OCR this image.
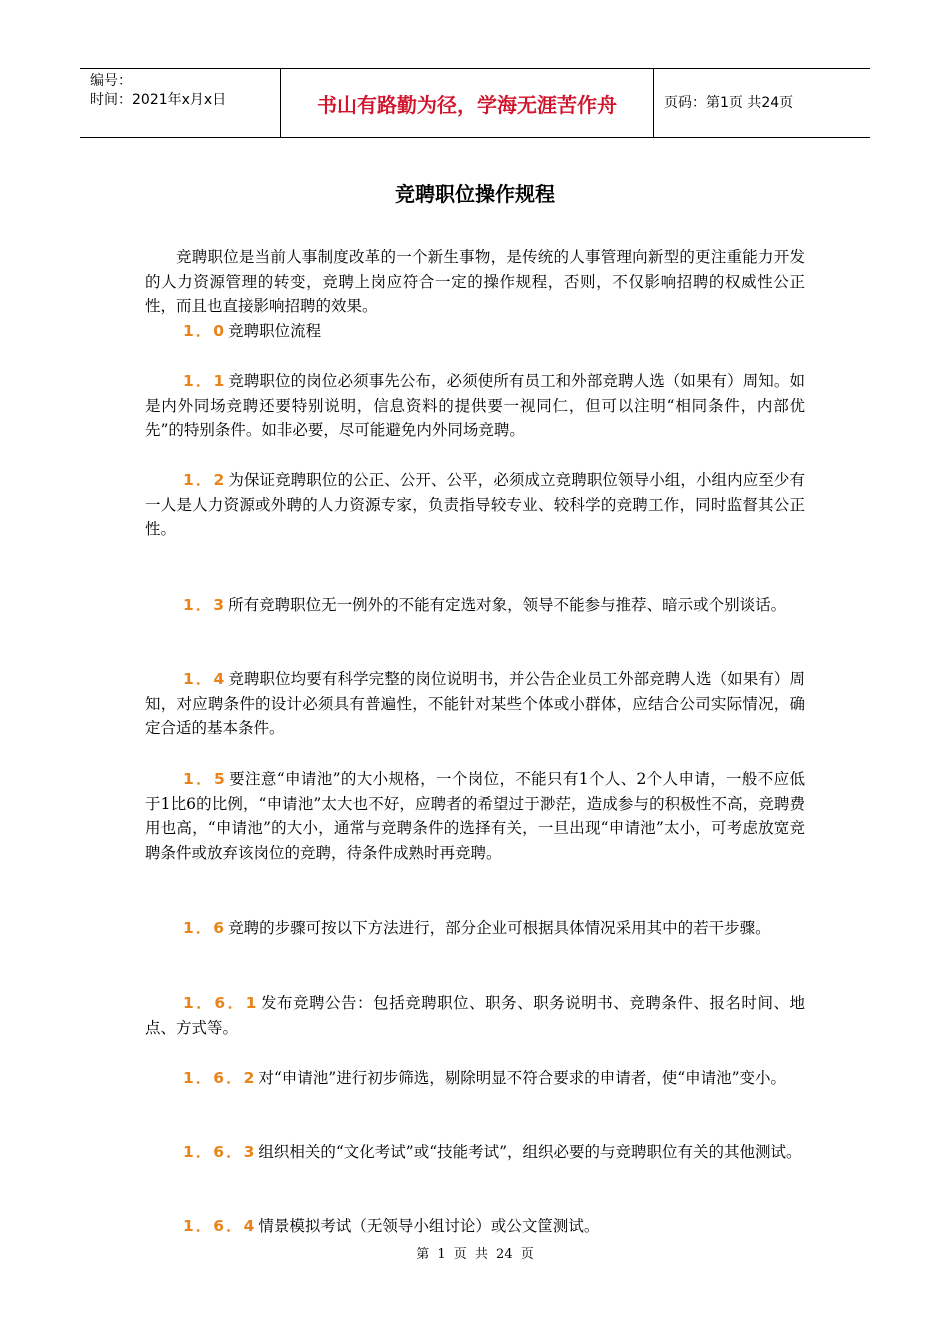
编号：
时间：2021年x月x日	书山有路勤为径，学海无涯苦作舟	页码：第1页 共24页
竞聘职位操作规程

竞聘职位是当前人事制度改革的一个新生事物，是传统的人事管理向新型的更注重能力开发的人力资源管理的转变，竞聘上岗应符合一定的操作规程，否则，不仅影响招聘的权威性公正性，而且也直接影响招聘的效果。

1．0 竞聘职位流程

1．1 竞聘职位的岗位必须事先公布，必须使所有员工和外部竞聘人选（如果有）周知。如是内外同场竞聘还要特别说明，信息资料的提供要一视同仁，但可以注明“相同条件，内部优先”的特别条件。如非必要，尽可能避免内外同场竞聘。

1．2 为保证竞聘职位的公正、公开、公平，必须成立竞聘职位领导小组，小组内应至少有一人是人力资源或外聘的人力资源专家，负责指导较专业、较科学的竞聘工作，同时监督其公正性。

1．3 所有竞聘职位无一例外的不能有定选对象，领导不能参与推荐、暗示或个别谈话。

1．4 竞聘职位均要有科学完整的岗位说明书，并公告企业员工外部竞聘人选（如果有）周知，对应聘条件的设计必须具有普遍性，不能针对某些个体或小群体，应结合公司实际情况，确定合适的基本条件。

1．5 要注意“申请池”的大小规格，一个岗位，不能只有1个人、2个人申请，一般不应低于1比6的比例，“申请池”太大也不好，应聘者的希望过于渺茫，造成参与的积极性不高，竞聘费用也高，“申请池”的大小，通常与竞聘条件的选择有关，一旦出现“申请池”太小，可考虑放宽竞聘条件或放弃该岗位的竞聘，待条件成熟时再竞聘。

1．6 竞聘的步骤可按以下方法进行，部分企业可根据具体情况采用其中的若干步骤。

1．6．1 发布竞聘公告：包括竞聘职位、职务、职务说明书、竞聘条件、报名时间、地点、方式等。

1．6．2 对“申请池”进行初步筛选，剔除明显不符合要求的申请者，使“申请池”变小。

1．6．3 组织相关的“文化考试”或“技能考试”，组织必要的与竞聘职位有关的其他测试。

1．6．4 情景模拟考试（无领导小组讨论）或公文筐测试。

第 1 页 共 24 页
